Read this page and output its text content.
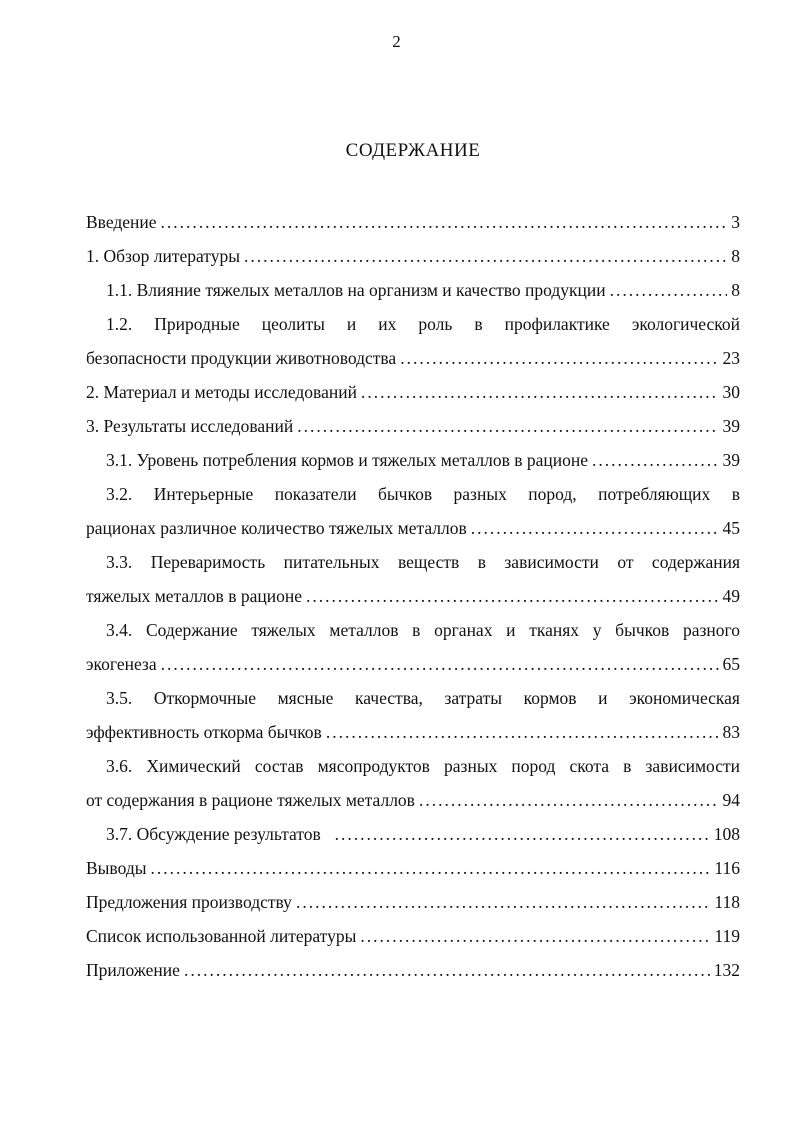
2
СОДЕРЖАНИЕ
Введение .....	3
1. Обзор литературы .....	8
1.1. Влияние тяжелых металлов на организм и качество продукции .....	8
1.2. Природные цеолиты и их роль в профилактике экологической
безопасности продукции животноводства .....	23
2. Материал и методы исследований .....	30
3. Результаты исследований .....	39
3.1. Уровень потребления кормов и тяжелых металлов в рационе .....	39
3.2. Интерьерные показатели бычков разных пород, потребляющих в
рационах различное количество тяжелых металлов .....	45
3.3. Переваримость питательных веществ в зависимости от содержания
тяжелых металлов в рационе .....	49
3.4. Содержание тяжелых металлов в органах и тканях у бычков разного
экогенеза .....	65
3.5. Откормочные мясные качества, затраты кормов и экономическая
эффективность откорма бычков .....	83
3.6. Химический состав мясопродуктов разных пород скота в зависимости
от содержания в рационе тяжелых металлов .....	94
3.7. Обсуждение результатов .....	108
Выводы .....	116
Предложения производству .....	118
Список использованной литературы .....	119
Приложение .....	132
